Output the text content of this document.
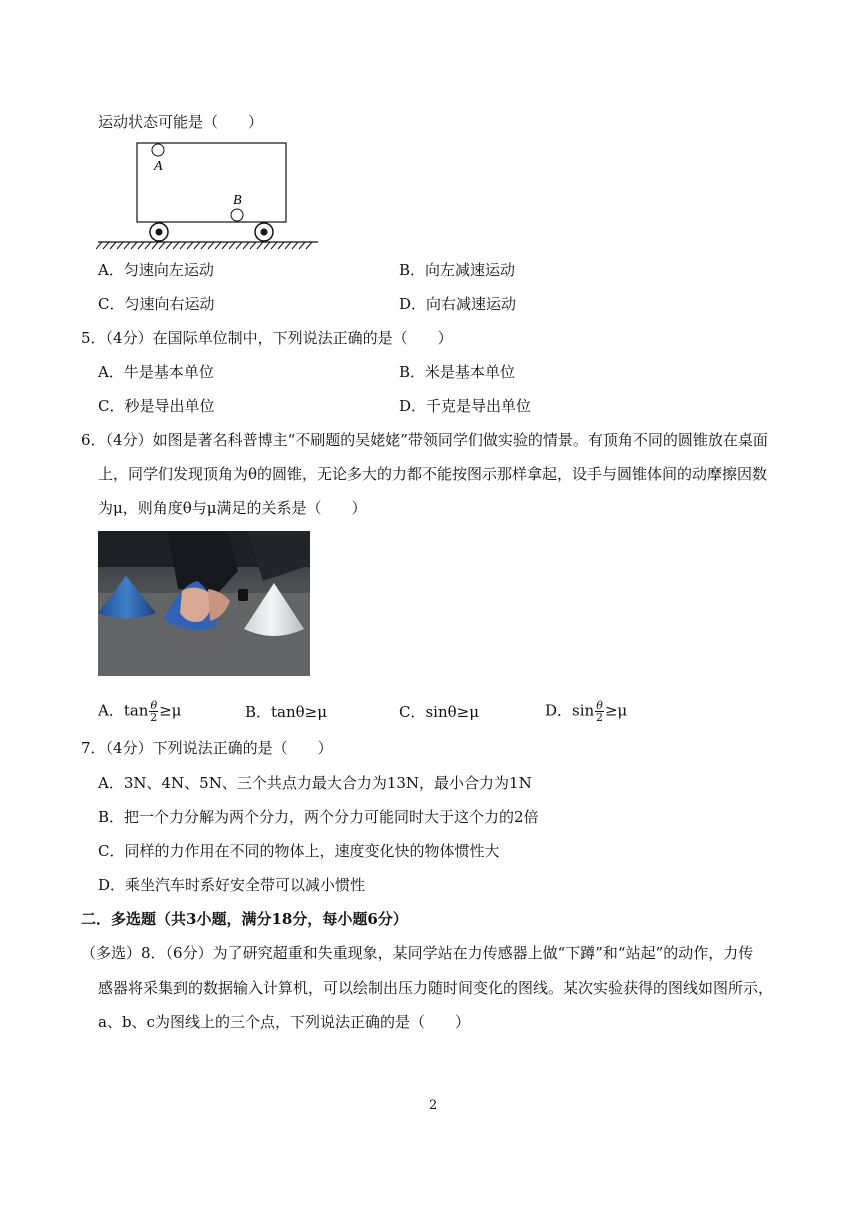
运动状态可能是（　　）
A
B
A．匀速向左运动	B．向左减速运动
C．匀速向右运动	D．向右减速运动
5．（4分）在国际单位制中，下列说法正确的是（　　）
A．牛是基本单位	B．米是基本单位
C．秒是导出单位	D．千克是导出单位
6．（4分）如图是著名科普博主“不刷题的吴姥姥”带领同学们做实验的情景。有顶角不同的圆锥放在桌面
上，同学们发现顶角为θ的圆锥，无论多大的力都不能按图示那样拿起，设手与圆锥体间的动摩擦因数
为μ，则角度θ与μ满足的关系是（　　）
A．$\tan \frac{\theta}{2} \ge\mu$	B．tanθ≥μ	C．sinθ≥μ	D．$\sin \frac{\theta}{2} \ge\mu$
7．（4分）下列说法正确的是（　　）
A．3N、4N、5N、三个共点力最大合力为13N，最小合力为1N
B．把一个力分解为两个分力，两个分力可能同时大于这个力的2倍
C．同样的力作用在不同的物体上，速度变化快的物体惯性大
D．乘坐汽车时系好安全带可以减小惯性
二．多选题（共3小题，满分18分，每小题6分）
（多选）8．（6分）为了研究超重和失重现象，某同学站在力传感器上做“下蹲”和“站起”的动作，力传
感器将采集到的数据输入计算机，可以绘制出压力随时间变化的图线。某次实验获得的图线如图所示，
a、b、c为图线上的三个点，下列说法正确的是（　　）
2
